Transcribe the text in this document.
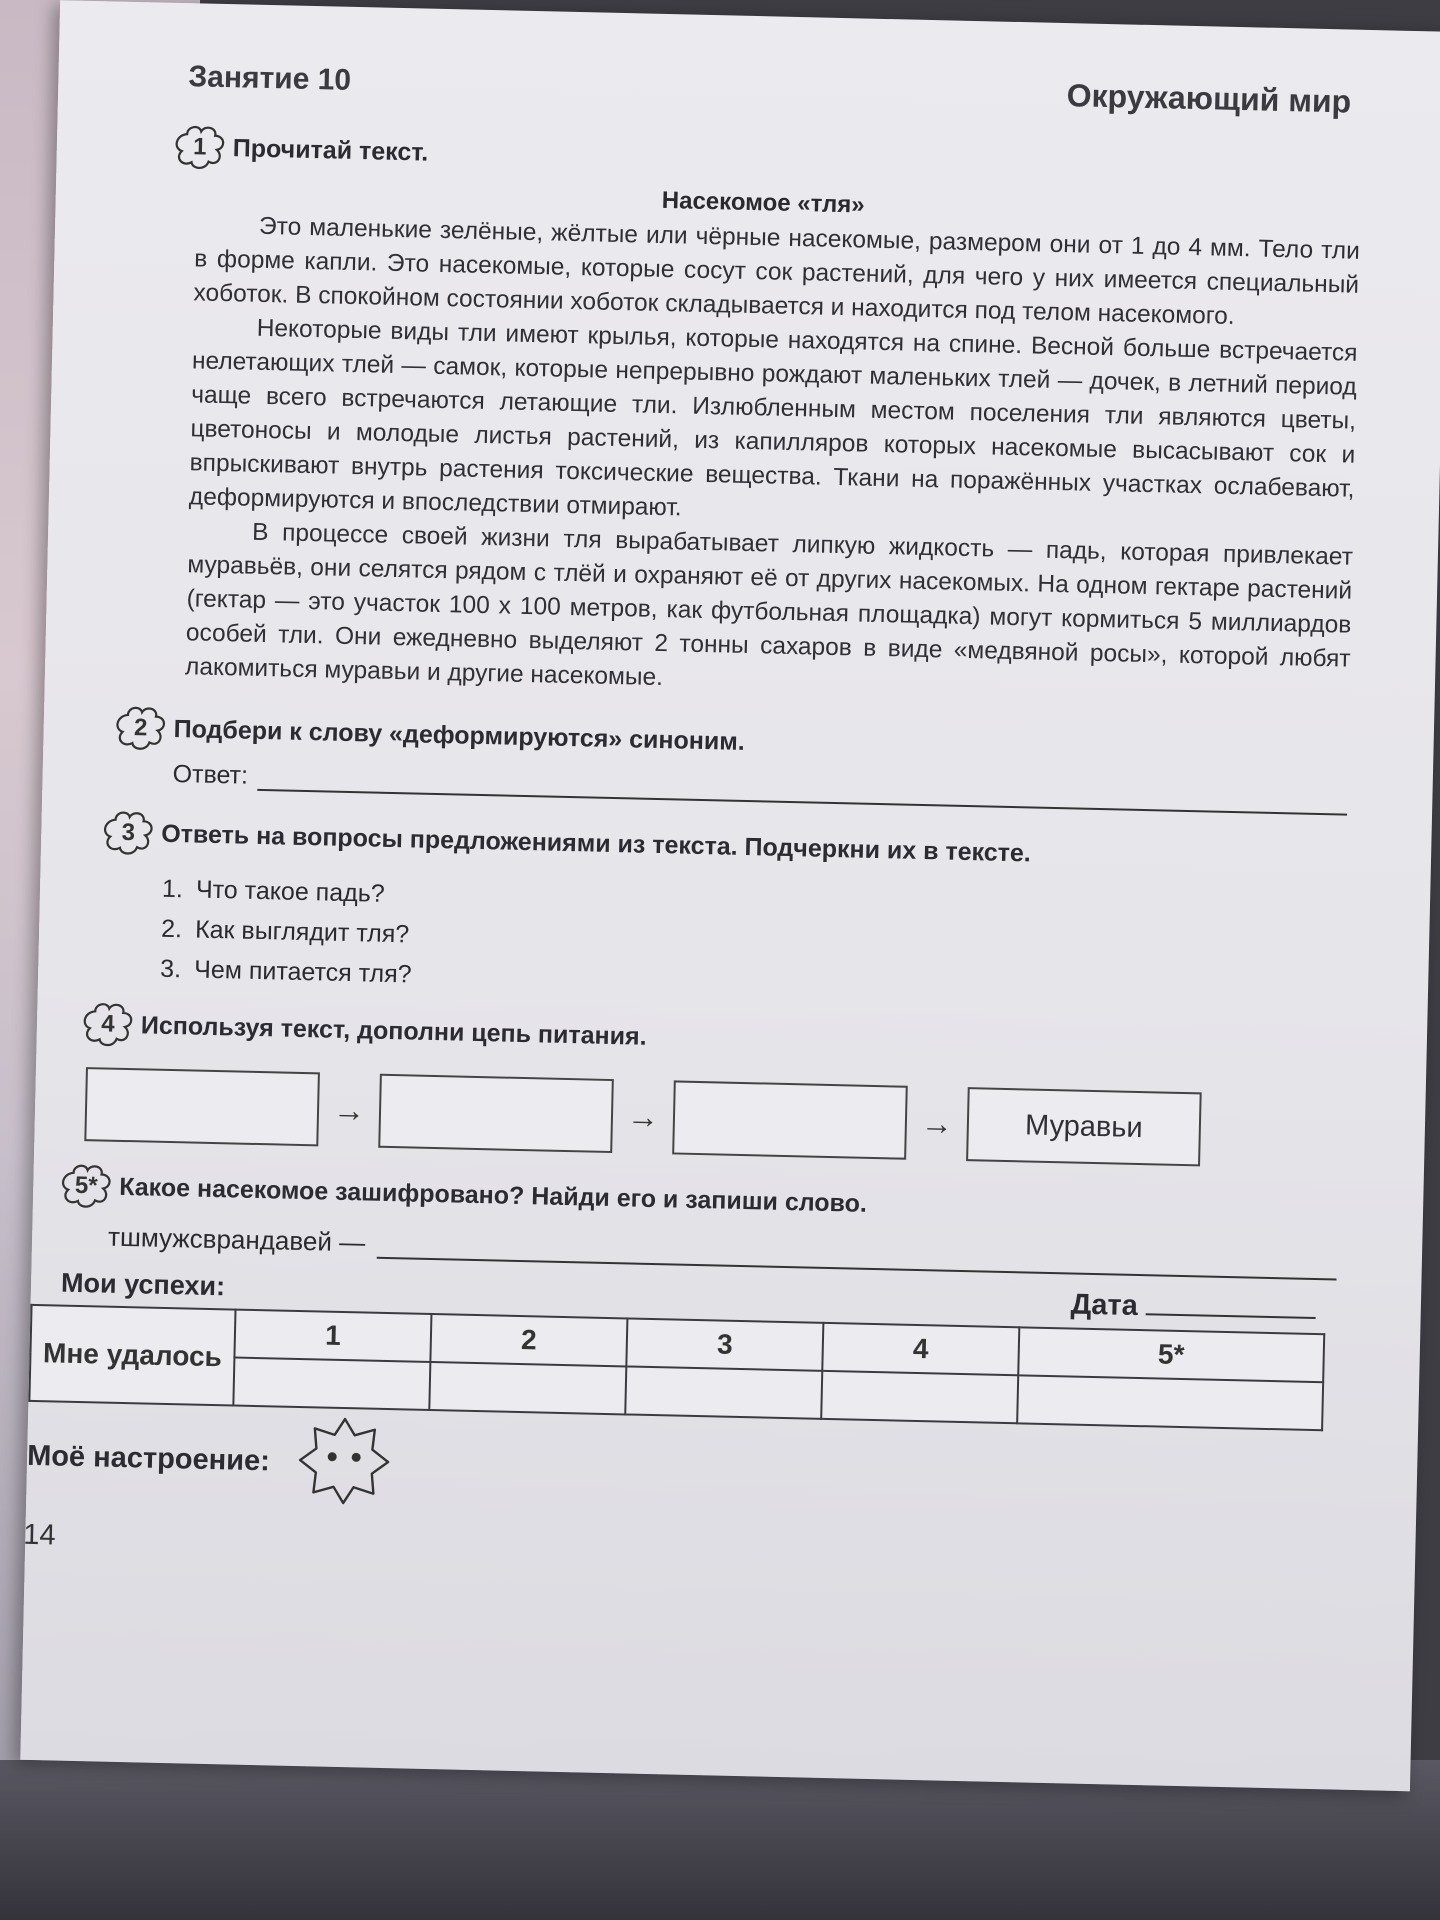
Занятие 10	Окружающий мир
1	Прочитай текст.
Насекомое «тля»

Это маленькие зелёные, жёлтые или чёрные насекомые, размером они от 1 до 4 мм. Тело тли в форме капли. Это насекомые, которые сосут сок растений, для чего у них имеется специальный хоботок. В спокойном состоянии хоботок складывается и находится под телом насекомого.

Некоторые виды тли имеют крылья, которые находятся на спине. Весной больше встречается нелетающих тлей — самок, которые непрерывно рождают маленьких тлей — дочек, в летний период чаще всего встречаются летающие тли. Излюбленным местом поселения тли являются цветы, цветоносы и молодые листья растений, из капилляров которых насекомые высасывают сок и впрыскивают внутрь растения токсические вещества. Ткани на поражённых участках ослабевают, деформируются и впоследствии отмирают.

В процессе своей жизни тля вырабатывает липкую жидкость — падь, которая привлекает муравьёв, они селятся рядом с тлёй и охраняют её от других насекомых. На одном гектаре растений (гектар — это участок 100 х 100 метров, как футбольная площадка) могут кормиться 5 миллиардов особей тли. Они ежедневно выделяют 2 тонны сахаров в виде «медвяной росы», которой любят лакомиться муравьи и другие насекомые.

2	Подбери к слову «деформируются» синоним.
Ответ:
3	Ответь на вопросы предложениями из текста. Подчеркни их в тексте.
1. Что такое падь?
2. Как выглядит тля?
3. Чем питается тля?
4	Используя текст, дополни цепь питания.
→	→	→	Муравьи
5* Какое насекомое зашифровано? Найди его и запиши слово.
тшмужсврандавей —
Мои успехи:
Дата
Мне удалось	1	2	3	4	5*

Моё настроение:
14
